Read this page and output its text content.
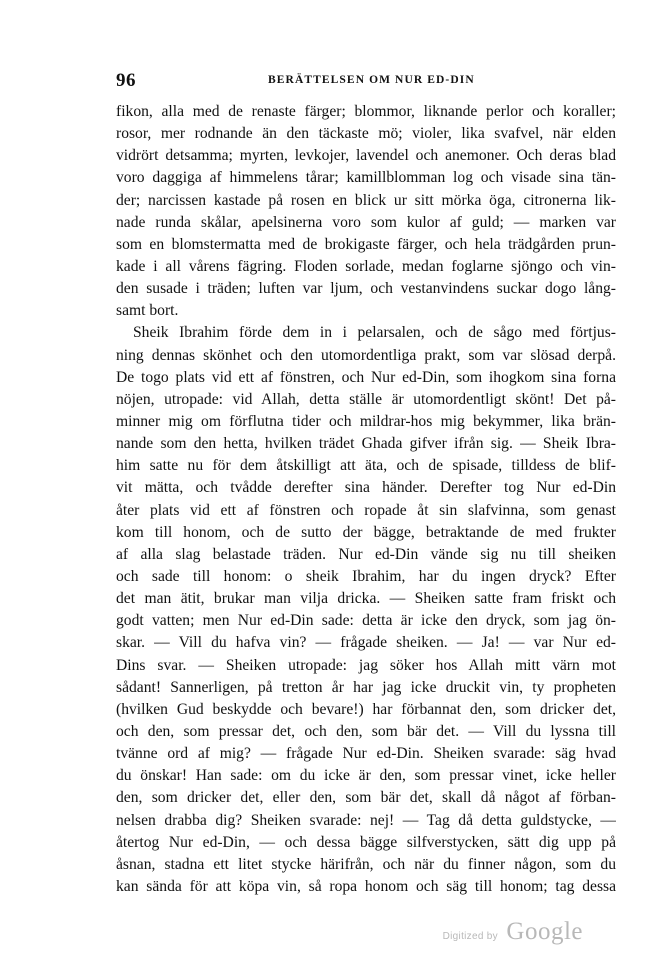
96	BERÄTTELSEN OM NUR ED-DIN
fikon, alla med de renaste färger; blommor, liknande perlor och koraller;
rosor, mer rodnande än den täckaste mö; violer, lika svafvel, när elden
vidrört detsamma; myrten, levkojer, lavendel och anemoner. Och deras blad
voro daggiga af himmelens tårar; kamillblomman log och visade sina tän-
der; narcissen kastade på rosen en blick ur sitt mörka öga, citronerna lik-
nade runda skålar, apelsinerna voro som kulor af guld; — marken var
som en blomstermatta med de brokigaste färger, och hela trädgården prun-
kade i all vårens fägring. Floden sorlade, medan foglarne sjöngo och vin-
den susade i träden; luften var ljum, och vestanvindens suckar dogo lång-
samt bort.
Sheik Ibrahim förde dem in i pelarsalen, och de sågo med förtjus-
ning dennas skönhet och den utomordentliga prakt, som var slösad derpå.
De togo plats vid ett af fönstren, och Nur ed-Din, som ihogkom sina forna
nöjen, utropade: vid Allah, detta ställe är utomordentligt skönt! Det på-
minner mig om förflutna tider och mildrar-hos mig bekymmer, lika brän-
nande som den hetta, hvilken trädet Ghada gifver ifrån sig. — Sheik Ibra-
him satte nu för dem åtskilligt att äta, och de spisade, tilldess de blif-
vit mätta, och tvådde derefter sina händer. Derefter tog Nur ed-Din
åter plats vid ett af fönstren och ropade åt sin slafvinna, som genast
kom till honom, och de sutto der bägge, betraktande de med frukter
af alla slag belastade träden. Nur ed-Din vände sig nu till sheiken
och sade till honom: o sheik Ibrahim, har du ingen dryck? Efter
det man ätit, brukar man vilja dricka. — Sheiken satte fram friskt och
godt vatten; men Nur ed-Din sade: detta är icke den dryck, som jag ön-
skar. — Vill du hafva vin? — frågade sheiken. — Ja! — var Nur ed-
Dins svar. — Sheiken utropade: jag söker hos Allah mitt värn mot
sådant! Sannerligen, på tretton år har jag icke druckit vin, ty propheten
(hvilken Gud beskydde och bevare!) har förbannat den, som dricker det,
och den, som pressar det, och den, som bär det. — Vill du lyssna till
tvänne ord af mig? — frågade Nur ed-Din. Sheiken svarade: säg hvad
du önskar! Han sade: om du icke är den, som pressar vinet, icke heller
den, som dricker det, eller den, som bär det, skall då något af förban-
nelsen drabba dig? Sheiken svarade: nej! — Tag då detta guldstycke, —
återtog Nur ed-Din, — och dessa bägge silfverstycken, sätt dig upp på
åsnan, stadna ett litet stycke härifrån, och när du finner någon, som du
kan sända för att köpa vin, så ropa honom och säg till honom; tag dessa
Digitized by Google
